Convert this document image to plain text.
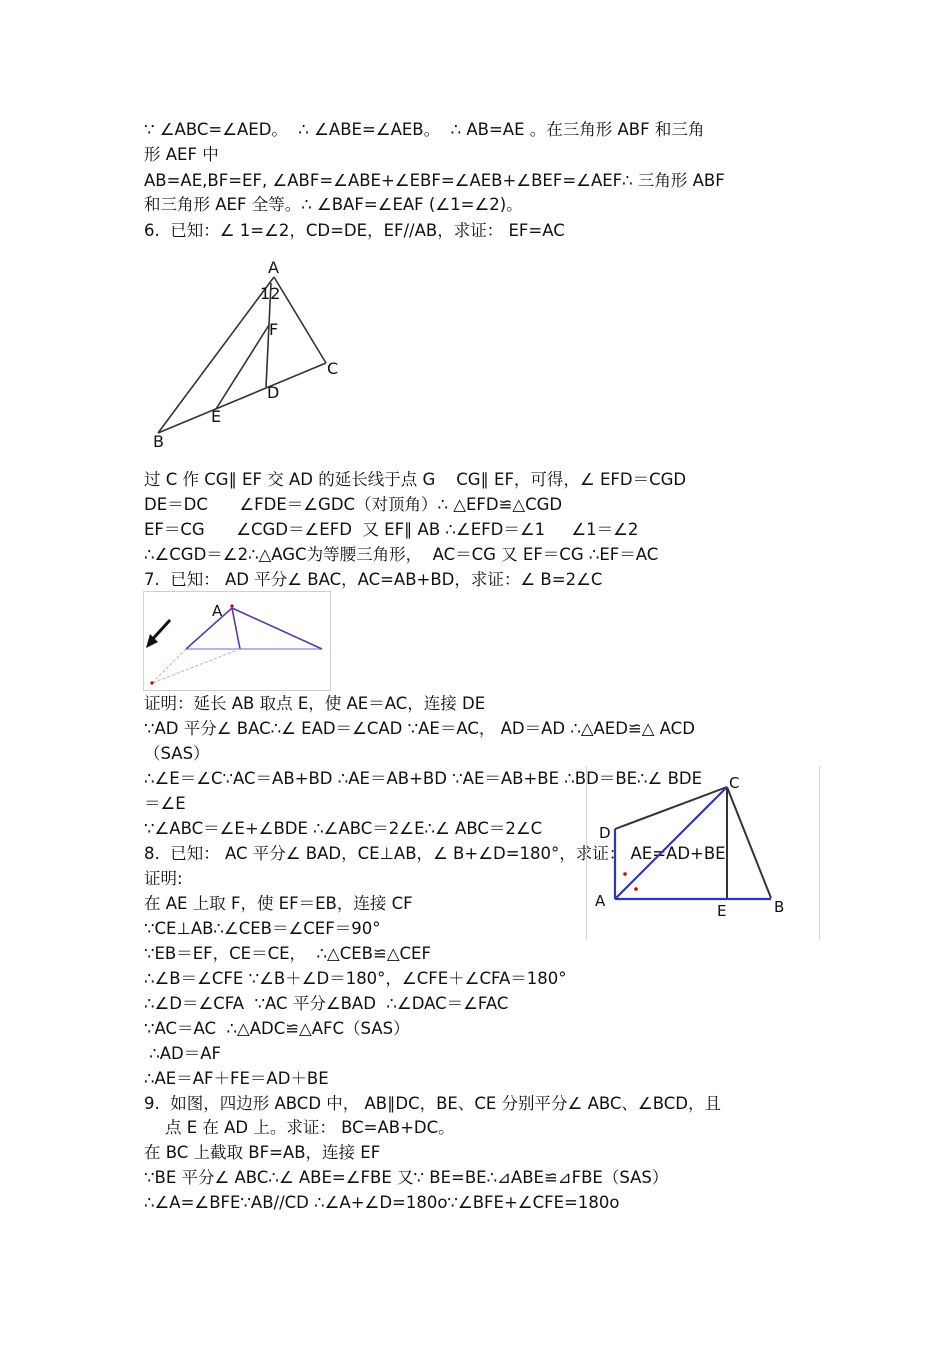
∵ ∠ABC=∠AED。  ∴ ∠ABE=∠AEB。  ∴ AB=AE 。在三角形 ABF 和三角
形 AEF 中
AB=AE,BF=EF, ∠ABF=∠ABE+∠EBF=∠AEB+∠BEF=∠AEF∴ 三角形 ABF
和三角形 AEF 全等。∴ ∠BAF=∠EAF (∠1=∠2)。
6.  已知：∠ 1=∠2，CD=DE，EF//AB，求证： EF=AC
A
12
F
C
D
E
B
过 C 作 CG∥ EF 交 AD 的延长线于点 G    CG∥ EF，可得，∠ EFD＝CGD
DE＝DC      ∠FDE＝∠GDC（对顶角）∴ △EFD≌△CGD
EF＝CG      ∠CGD＝∠EFD  又 EF∥ AB ∴∠EFD＝∠1     ∠1＝∠2
∴∠CGD＝∠2∴△AGC为等腰三角形，  AC＝CG 又 EF＝CG ∴EF＝AC
7.  已知： AD 平分∠ BAC，AC=AB+BD，求证：∠ B=2∠C
A
证明：延长 AB 取点 E，使 AE＝AC，连接 DE
∵AD 平分∠ BAC∴∠ EAD＝∠CAD ∵AE＝AC， AD＝AD ∴△AED≌△ ACD
（SAS）
∴∠E＝∠C∵AC＝AB+BD ∴AE＝AB+BD ∵AE＝AB+BE ∴BD＝BE∴∠ BDE
＝∠E
∵∠ABC＝∠E+∠BDE ∴∠ABC＝2∠E∴∠ ABC＝2∠C
8.  已知： AC 平分∠ BAD，CE⊥AB，∠ B+∠D=180°，求证： AE=AD+BE
C
D
A
E	B
证明:
在 AE 上取 F，使 EF＝EB，连接 CF
∵CE⊥AB∴∠CEB＝∠CEF＝90°
∵EB＝EF，CE＝CE，  ∴△CEB≌△CEF
∴∠B＝∠CFE ∵∠B＋∠D＝180°，∠CFE＋∠CFA＝180°
∴∠D＝∠CFA  ∵AC 平分∠BAD  ∴∠DAC＝∠FAC
∵AC＝AC  ∴△ADC≌△AFC（SAS）
∴AD＝AF
∴AE＝AF＋FE＝AD＋BE
9.  如图，四边形 ABCD 中， AB∥DC，BE、CE 分别平分∠ ABC、∠BCD，且
点 E 在 AD 上。求证： BC=AB+DC。
在 BC 上截取 BF=AB，连接 EF
∵BE 平分∠ ABC∴∠ ABE=∠FBE 又∵ BE=BE∴⊿ABE≌⊿FBE（SAS）
∴∠A=∠BFE∵AB//CD ∴∠A+∠D=180o∵∠BFE+∠CFE=180o
